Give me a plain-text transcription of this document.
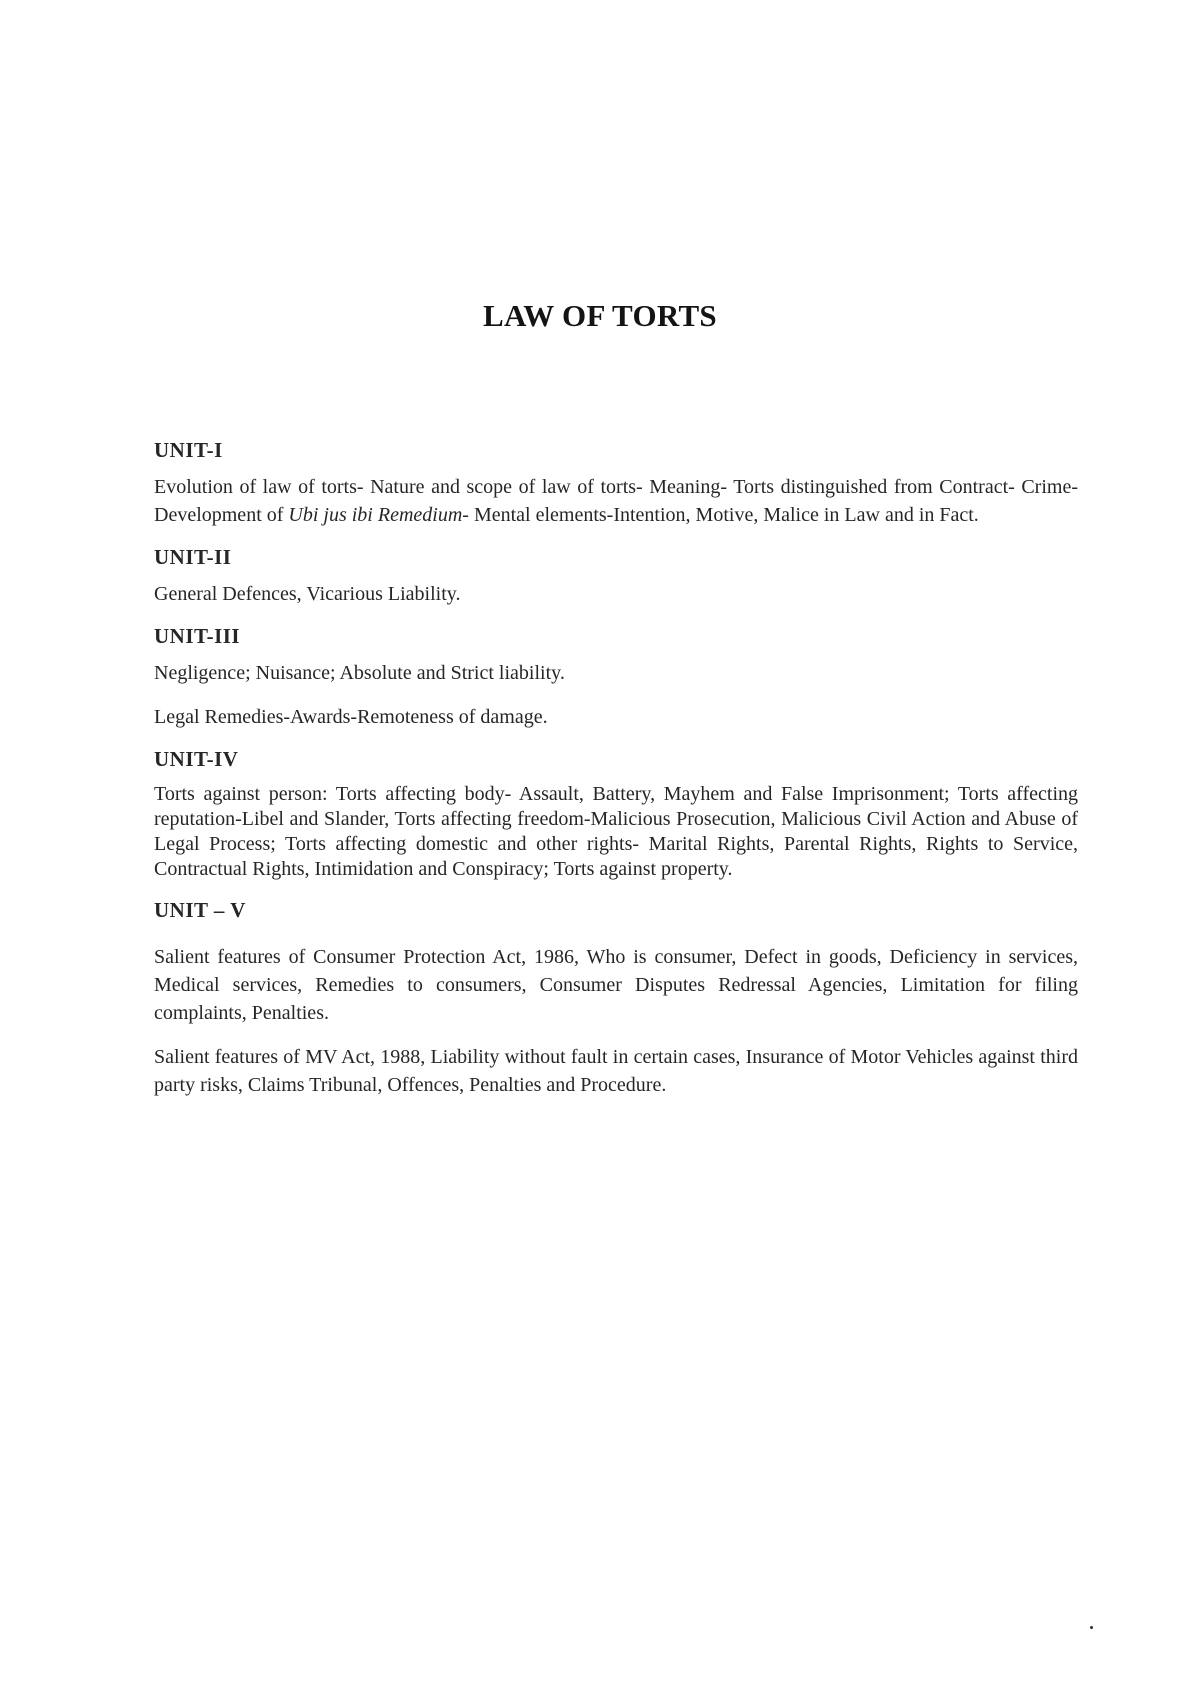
LAW OF TORTS
UNIT-I

Evolution of law of torts- Nature and scope of law of torts- Meaning- Torts distinguished from Contract- Crime- Development of Ubi jus ibi Remedium- Mental elements-Intention, Motive, Malice in Law and in Fact.

UNIT-II

General Defences, Vicarious Liability.

UNIT-III

Negligence; Nuisance; Absolute and Strict liability.

Legal Remedies-Awards-Remoteness of damage.

UNIT-IV

Torts against person: Torts affecting body- Assault, Battery, Mayhem and False Imprisonment; Torts affecting reputation-Libel and Slander, Torts affecting freedom-Malicious Prosecution, Malicious Civil Action and Abuse of Legal Process; Torts affecting domestic and other rights- Marital Rights, Parental Rights, Rights to Service, Contractual Rights, Intimidation and Conspiracy; Torts against property.

UNIT – V

Salient features of Consumer Protection Act, 1986, Who is consumer, Defect in goods, Deficiency in services, Medical services, Remedies to consumers, Consumer Disputes Redressal Agencies, Limitation for filing complaints, Penalties.

Salient features of MV Act, 1988, Liability without fault in certain cases, Insurance of Motor Vehicles against third party risks, Claims Tribunal, Offences, Penalties and Procedure.
